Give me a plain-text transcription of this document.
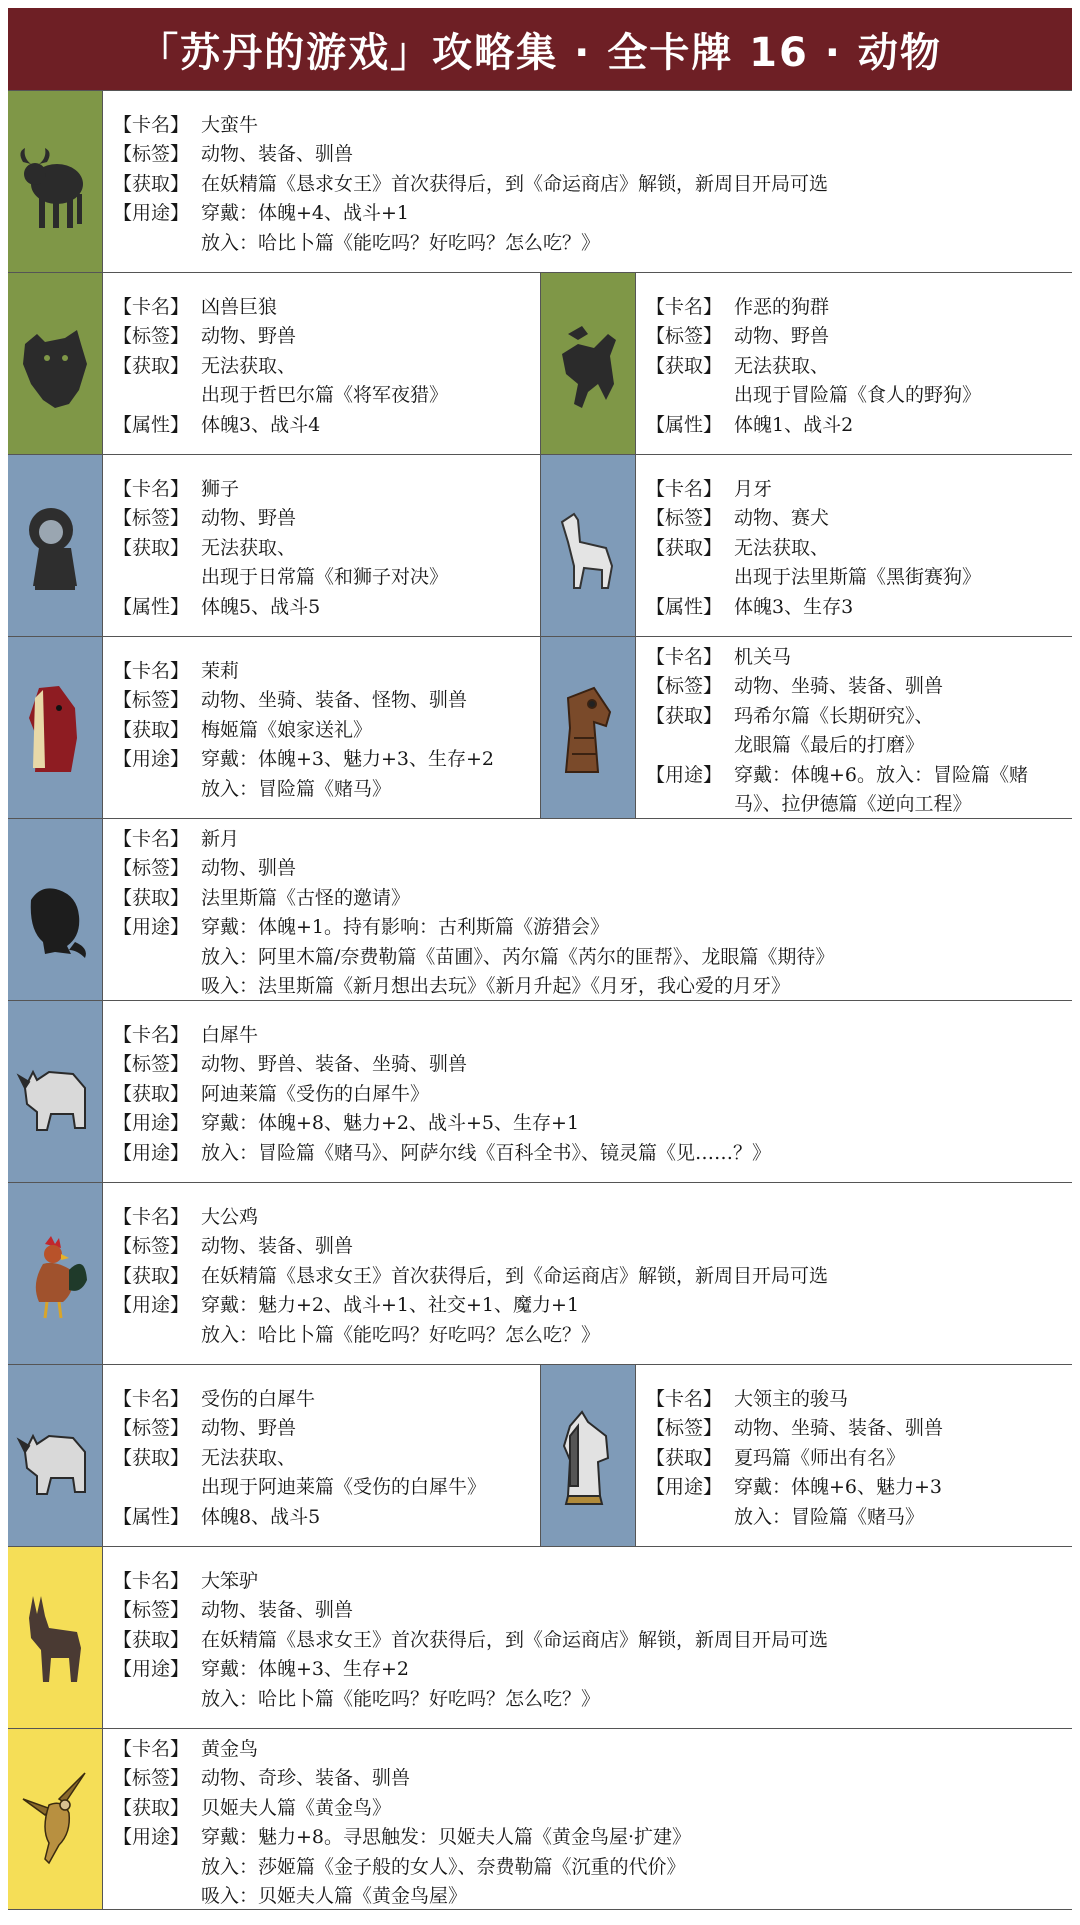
「苏丹的游戏」攻略集 · 全卡牌 16 · 动物
【卡名】 大蛮牛
【标签】 动物、装备、驯兽
【获取】 在妖精篇《恳求女王》首次获得后，到《命运商店》解锁，新周目开局可选
【用途】 穿戴：体魄+4、战斗+1
放入：哈比卜篇《能吃吗？好吃吗？怎么吃？》
【卡名】 凶兽巨狼
【标签】 动物、野兽
【获取】 无法获取、
出现于哲巴尔篇《将军夜猎》
【属性】 体魄3、战斗4
【卡名】 作恶的狗群
【标签】 动物、野兽
【获取】 无法获取、
出现于冒险篇《食人的野狗》
【属性】 体魄1、战斗2
【卡名】 狮子
【标签】 动物、野兽
【获取】 无法获取、
出现于日常篇《和狮子对决》
【属性】 体魄5、战斗5
【卡名】 月牙
【标签】 动物、赛犬
【获取】 无法获取、
出现于法里斯篇《黑街赛狗》
【属性】 体魄3、生存3
【卡名】 茉莉
【标签】 动物、坐骑、装备、怪物、驯兽
【获取】 梅姬篇《娘家送礼》
【用途】 穿戴：体魄+3、魅力+3、生存+2
放入：冒险篇《赌马》
【卡名】 机关马
【标签】 动物、坐骑、装备、驯兽
【获取】 玛希尔篇《长期研究》、
龙眼篇《最后的打磨》
【用途】 穿戴：体魄+6。放入：冒险篇《赌马》、拉伊德篇《逆向工程》
【卡名】 新月
【标签】 动物、驯兽
【获取】 法里斯篇《古怪的邀请》
【用途】 穿戴：体魄+1。持有影响：古利斯篇《游猎会》
放入：阿里木篇/奈费勒篇《苗圃》、芮尔篇《芮尔的匪帮》、龙眼篇《期待》
吸入：法里斯篇《新月想出去玩》《新月升起》《月牙，我心爱的月牙》
【卡名】 白犀牛
【标签】 动物、野兽、装备、坐骑、驯兽
【获取】 阿迪莱篇《受伤的白犀牛》
【用途】 穿戴：体魄+8、魅力+2、战斗+5、生存+1
【用途】 放入：冒险篇《赌马》、阿萨尔线《百科全书》、镜灵篇《见……？》
【卡名】 大公鸡
【标签】 动物、装备、驯兽
【获取】 在妖精篇《恳求女王》首次获得后，到《命运商店》解锁，新周目开局可选
【用途】 穿戴：魅力+2、战斗+1、社交+1、魔力+1
放入：哈比卜篇《能吃吗？好吃吗？怎么吃？》
【卡名】 受伤的白犀牛
【标签】 动物、野兽
【获取】 无法获取、
出现于阿迪莱篇《受伤的白犀牛》
【属性】 体魄8、战斗5
【卡名】 大领主的骏马
【标签】 动物、坐骑、装备、驯兽
【获取】 夏玛篇《师出有名》
【用途】 穿戴：体魄+6、魅力+3
放入：冒险篇《赌马》
【卡名】 大笨驴
【标签】 动物、装备、驯兽
【获取】 在妖精篇《恳求女王》首次获得后，到《命运商店》解锁，新周目开局可选
【用途】 穿戴：体魄+3、生存+2
放入：哈比卜篇《能吃吗？好吃吗？怎么吃？》
【卡名】 黄金鸟
【标签】 动物、奇珍、装备、驯兽
【获取】 贝姬夫人篇《黄金鸟》
【用途】 穿戴：魅力+8。寻思触发：贝姬夫人篇《黄金鸟屋·扩建》
放入：莎姬篇《金子般的女人》、奈费勒篇《沉重的代价》
吸入：贝姬夫人篇《黄金鸟屋》
